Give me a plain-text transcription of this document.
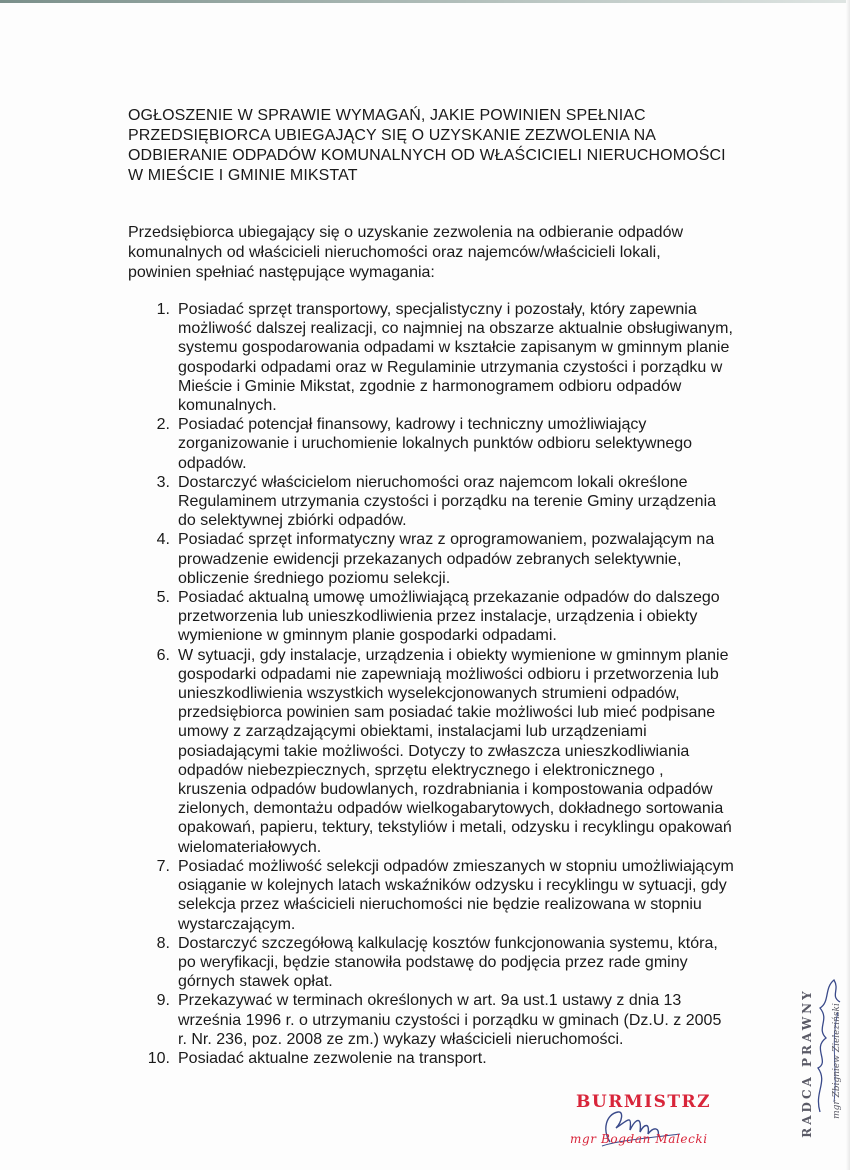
OGŁOSZENIE W SPRAWIE WYMAGAŃ, JAKIE POWINIEN SPEŁNIAC
PRZEDSIĘBIORCA UBIEGAJĄCY SIĘ O UZYSKANIE ZEZWOLENIA NA
ODBIERANIE ODPADÓW KOMUNALNYCH OD WŁAŚCICIELI NIERUCHOMOŚCI
W MIEŚCIE I GMINIE MIKSTAT
Przedsiębiorca ubiegający się o uzyskanie zezwolenia na odbieranie odpadów
komunalnych od właścicieli nieruchomości oraz najemców/właścicieli lokali,
powinien spełniać następujące wymagania:
1. Posiadać sprzęt transportowy, specjalistyczny i pozostały, który zapewnia
możliwość dalszej realizacji, co najmniej na obszarze aktualnie obsługiwanym,
systemu gospodarowania odpadami w kształcie zapisanym w gminnym planie
gospodarki odpadami oraz w Regulaminie utrzymania czystości i porządku w
Mieście i Gminie Mikstat, zgodnie z harmonogramem odbioru odpadów
komunalnych.
2. Posiadać potencjał finansowy, kadrowy i techniczny umożliwiający
zorganizowanie i uruchomienie lokalnych punktów odbioru selektywnego
odpadów.
3. Dostarczyć właścicielom nieruchomości oraz najemcom lokali określone
Regulaminem utrzymania czystości i porządku na terenie Gminy urządzenia
do selektywnej zbiórki odpadów.
4. Posiadać sprzęt informatyczny wraz z oprogramowaniem, pozwalającym na
prowadzenie ewidencji przekazanych odpadów zebranych selektywnie,
obliczenie średniego poziomu selekcji.
5. Posiadać aktualną umowę umożliwiającą przekazanie odpadów do dalszego
przetworzenia lub unieszkodliwienia przez instalacje, urządzenia i obiekty
wymienione w gminnym planie gospodarki odpadami.
6. W sytuacji, gdy instalacje, urządzenia i obiekty wymienione w gminnym planie
gospodarki odpadami nie zapewniają możliwości odbioru i przetworzenia lub
unieszkodliwienia wszystkich wyselekcjonowanych strumieni odpadów,
przedsiębiorca powinien sam posiadać takie możliwości lub mieć podpisane
umowy z zarządzającymi obiektami, instalacjami lub urządzeniami
posiadającymi takie możliwości. Dotyczy to zwłaszcza unieszkodliwiania
odpadów niebezpiecznych, sprzętu elektrycznego i elektronicznego ,
kruszenia odpadów budowlanych, rozdrabniania i kompostowania odpadów
zielonych, demontażu odpadów wielkogabarytowych, dokładnego sortowania
opakowań, papieru, tektury, tekstyliów i metali, odzysku i recyklingu opakowań
wielomateriałowych.
7. Posiadać możliwość selekcji odpadów zmieszanych w stopniu umożliwiającym
osiąganie w kolejnych latach wskaźników odzysku i recyklingu w sytuacji, gdy
selekcja przez właścicieli nieruchomości nie będzie realizowana w stopniu
wystarczającym.
8. Dostarczyć szczegółową kalkulację kosztów funkcjonowania systemu, która,
po weryfikacji, będzie stanowiła podstawę do podjęcia przez rade gminy
górnych stawek opłat.
9. Przekazywać w terminach określonych w art. 9a ust.1 ustawy z dnia 13
września 1996 r. o utrzymaniu czystości i porządku w gminach (Dz.U. z 2005
r. Nr. 236, poz. 2008 ze zm.) wykazy właścicieli nieruchomości.
10. Posiadać aktualne zezwolenie na transport.
BURMISTRZ
mgr Bogdan Malecki
RADCA PRAWNY mgr Zbigniew Zieleziński
